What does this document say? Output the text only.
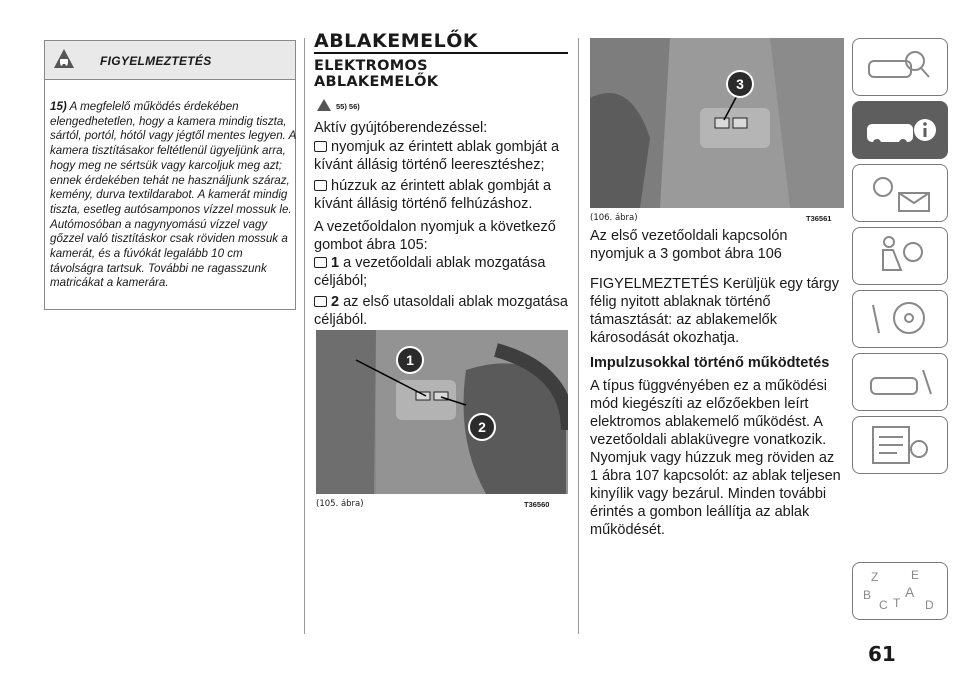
FIGYELMEZTETÉS
15) A megfelelő működés érdekében elengedhetetlen, hogy a kamera mindig tiszta, sártól, portól, hótól vagy jégtől mentes legyen. A kamera tisztításakor feltétlenül ügyeljünk arra, hogy meg ne sértsük vagy karcoljuk meg azt; ennek érdekében tehát ne használjunk száraz, kemény, durva textildarabot. A kamerát mindig tiszta, esetleg autósamponos vízzel mossuk le. Autómosóban a nagynyomású vízzel vagy gőzzel való tisztításkor csak röviden mossuk a kamerát, és a fúvókát legalább 10 cm távolságra tartsuk. További ne ragasszunk matricákat a kamerára.
ABLAKEMELŐK
ELEKTROMOS
ABLAKEMELŐK
55) 56)
Aktív gyújtóberendezéssel:
nyomjuk az érintett ablak gombját a kívánt állásig történő leeresztéshez;
húzzuk az érintett ablak gombját a kívánt állásig történő felhúzáshoz.
A vezetőoldalon nyomjuk a következő gombot ábra 105:
1 a vezetőoldali ablak mozgatása céljából;
2 az első utasoldali ablak mozgatása céljából.
1
2
(105. ábra)	T36560
3
(106. ábra)	T36561
Az első vezetőoldali kapcsolón nyomjuk a 3 gombot ábra 106
FIGYELMEZTETÉS Kerüljük egy tárgy félig nyitott ablaknak történő támasztását: az ablakemelők károsodását okozhatja.
Impulzusokkal történő működtetés
A típus függvényében ez a működési mód kiegészíti az előzőekben leírt elektromos ablakemelő működést. A vezetőoldali ablaküvegre vonatkozik. Nyomjuk vagy húzzuk meg röviden az 1 ábra 107 kapcsolót: az ablak teljesen kinyílik vagy bezárul. Minden további érintés a gombon leállítja az ablak működését.
Z	E
B
C T
A
D
61
